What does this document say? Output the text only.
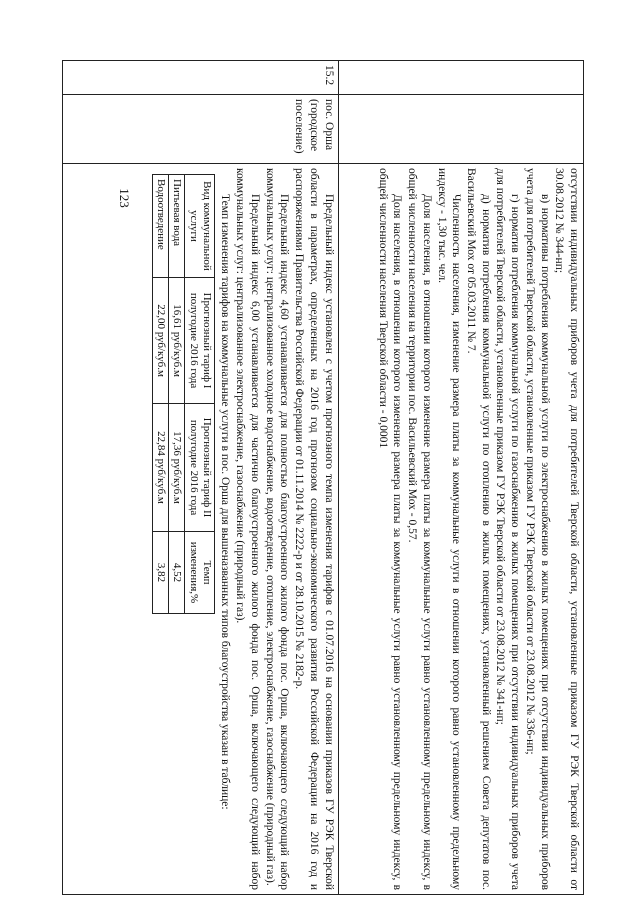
123
			отсутствии индивидуальных приборов учета для потребителей Тверской области, установленные приказом ГУ РЭК Тверской области от 30.08.2012 № 344-нп;

в) нормативы потребления коммунальной услуги по электроснабжению в жилых помещениях при отсутствии индивидуальных приборов учета для потребителей Тверской области, установленные приказом ГУ РЭК Тверской области от 23.08.2012 № 336-нп;

г) норматив потребления коммунальной услуги по газоснабжению в жилых помещениях при отсутствии индивидуальных приборов учета для потребителей Тверской области, установленные приказом ГУ РЭК Тверской области от 23.08.2012 № 341-нп;

д) норматив потребления коммунальной услуги по отоплению в жилых помещениях, установленный решением Совета депутатов пос. Васильевский Мох от 05.03.2011 № 7.

Численность населения, изменение размера платы за коммунальные услуги в отношении которого равно установленному предельному индексу - 1,30 тыс. чел.

Доля населения, в отношении которого изменение размера платы за коммунальные услуги равно установленному предельному индексу, в общей численности населения на территории пос. Васильевский Мох - 0,57.

Доля населения, в отношении которого изменение размера платы за коммунальные услуги равно установленному предельному индексу, в общей численности населения Тверской области - 0,0001

15.2	пос. Орша (городское поселение)	

Предельный индекс установлен с учетом прогнозного темпа изменения тарифов с 01.07.2016 на основании приказов ГУ РЭК Тверской области в параметрах, определенных на 2016 год прогнозом социально-экономического развития Российской Федерации на 2016 год и распоряжениями Правительства Российской Федерации от 01.11.2014 № 2222-р и от 28.10.2015 № 2182-р.

Предельный индекс 4,60 устанавливается для полностью благоустроенного жилого фонда пос. Орша, включающего следующий набор коммунальных услуг: централизованное холодное водоснабжение, водоотведение, отопление, электроснабжение, газоснабжение (природный газ).

Предельный индекс 6,00 устанавливается для частично благоустроенного жилого фонда пос. Орша, включающего следующий набор коммунальных услуг: централизованное электроснабжение, газоснабжение (природный газ).

Темп изменения тарифов на коммунальные услуги в пос. Орша для вышеназванных типов благоустройства указан в таблице:

Вид коммунальной услуги	Прогнозный тариф I полугодие 2016 года	Прогнозный тариф II полугодие 2016 года	Темп изменения,%
Питьевая вода	16,61 руб/куб.м	17,36 руб/куб.м	4,52
Водоотведение	22,00 руб/куб.м	22,84 руб/куб.м	3,82
